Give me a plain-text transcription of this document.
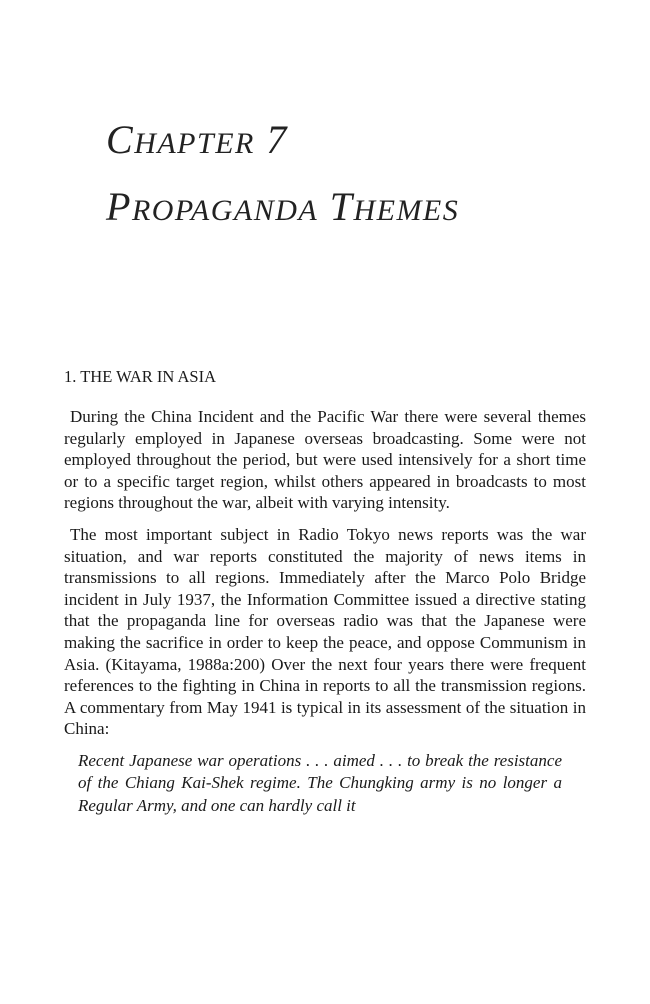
CHAPTER 7
PROPAGANDA THEMES
1. THE WAR IN ASIA

During the China Incident and the Pacific War there were several themes regularly employed in Japanese overseas broadcasting. Some were not employed throughout the period, but were used intensively for a short time or to a specific target region, whilst others appeared in broadcasts to most regions throughout the war, albeit with varying intensity.

The most important subject in Radio Tokyo news reports was the war situation, and war reports constituted the majority of news items in transmissions to all regions. Immediately after the Marco Polo Bridge incident in July 1937, the Information Committee issued a directive stating that the propaganda line for overseas radio was that the Japanese were making the sacrifice in order to keep the peace, and oppose Communism in Asia. (Kitayama, 1988a:200) Over the next four years there were frequent references to the fighting in China in reports to all the transmission regions. A commentary from May 1941 is typical in its assessment of the situation in China:

Recent Japanese war operations . . . aimed . . . to break the resistance of the Chiang Kai-Shek regime. The Chungking army is no longer a Regular Army, and one can hardly call it
